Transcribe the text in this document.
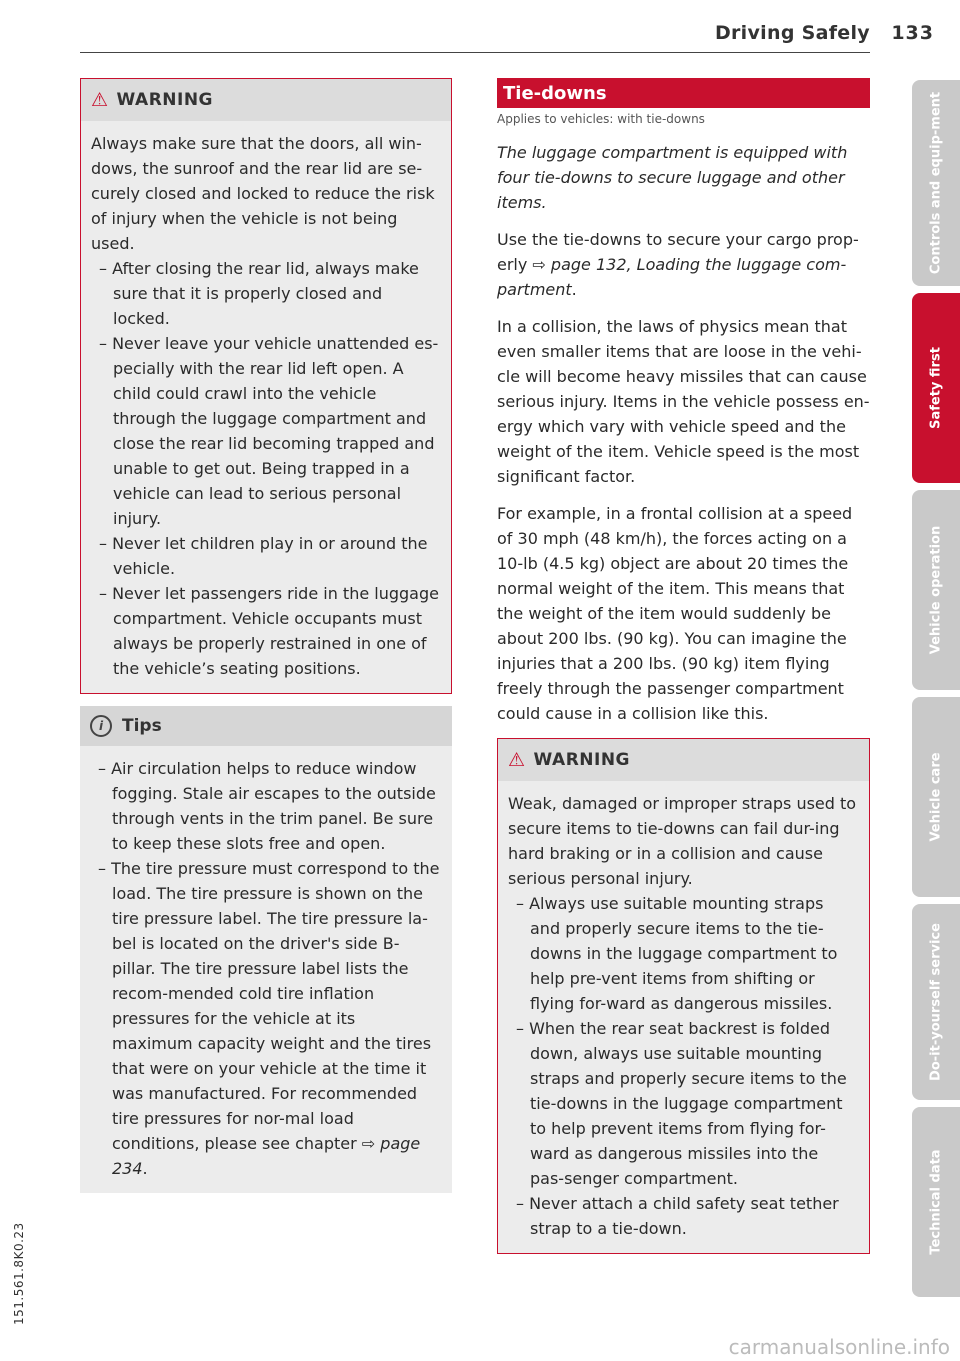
Driving Safely 133
⚠ WARNING

Always make sure that the doors, all win-dows, the sunroof and the rear lid are se-curely closed and locked to reduce the risk of injury when the vehicle is not being used.

– After closing the rear lid, always make sure that it is properly closed and locked.
– Never leave your vehicle unattended es-pecially with the rear lid left open. A child could crawl into the vehicle through the luggage compartment and close the rear lid becoming trapped and unable to get out. Being trapped in a vehicle can lead to serious personal injury.
– Never let children play in or around the vehicle.
– Never let passengers ride in the luggage compartment. Vehicle occupants must always be properly restrained in one of the vehicle’s seating positions.
i	Tips
– Air circulation helps to reduce window fogging. Stale air escapes to the outside through vents in the trim panel. Be sure to keep these slots free and open.
– The tire pressure must correspond to the load. The tire pressure is shown on the tire pressure label. The tire pressure la-bel is located on the driver's side B-pillar. The tire pressure label lists the recom-mended cold tire inflation pressures for the vehicle at its maximum capacity weight and the tires that were on your vehicle at the time it was manufactured. For recommended tire pressures for nor-mal load conditions, please see chapter ⇨ page 234.
Tie-downs
Applies to vehicles: with tie-downs

The luggage compartment is equipped with four tie-downs to secure luggage and other items.

Use the tie-downs to secure your cargo prop-erly ⇨ page 132, Loading the luggage com-partment.

In a collision, the laws of physics mean that even smaller items that are loose in the vehi-cle will become heavy missiles that can cause serious injury. Items in the vehicle possess en-ergy which vary with vehicle speed and the weight of the item. Vehicle speed is the most significant factor.

For example, in a frontal collision at a speed of 30 mph (48 km/h), the forces acting on a 10-lb (4.5 kg) object are about 20 times the normal weight of the item. This means that the weight of the item would suddenly be about 200 lbs. (90 kg). You can imagine the injuries that a 200 lbs. (90 kg) item flying freely through the passenger compartment could cause in a collision like this.

⚠ WARNING

Weak, damaged or improper straps used to secure items to tie-downs can fail dur-ing hard braking or in a collision and cause serious personal injury.

– Always use suitable mounting straps and properly secure items to the tie-downs in the luggage compartment to help pre-vent items from shifting or flying for-ward as dangerous missiles.
– When the rear seat backrest is folded down, always use suitable mounting straps and properly secure items to the tie-downs in the luggage compartment to help prevent items from flying for-ward as dangerous missiles into the pas-senger compartment.
– Never attach a child safety seat tether strap to a tie-down.
Controls and equip-ment
Safety first
Vehicle operation
Vehicle care
Do-it-yourself service
Technical data
151.561.8K0.23
carmanualsonline.info
